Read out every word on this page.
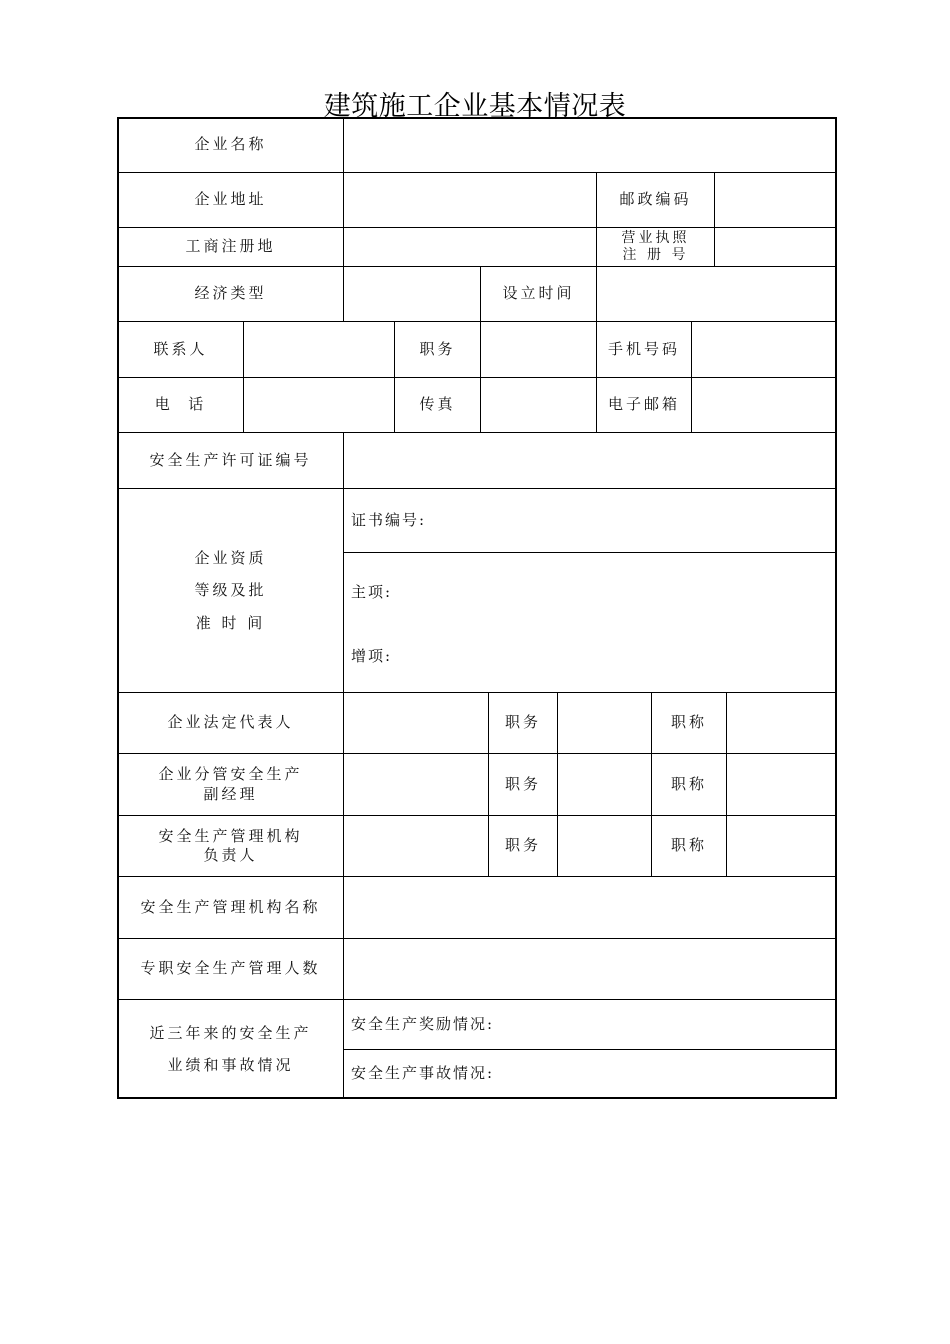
建筑施工企业基本情况表
企业名称
企业地址	邮政编码
工商注册地	营业执照
注 册 号
经济类型	设立时间
联系人	职务	手机号码
电  话	传真	电子邮箱
安全生产许可证编号
企业资质
等级及批
准 时 间
证书编号:
主项:
增项:
企业法定代表人	职务	职称
企业分管安全生产
副经理
职务	职称
安全生产管理机构
负责人
职务	职称
安全生产管理机构名称
专职安全生产管理人数
近三年来的安全生产
业绩和事故情况
安全生产奖励情况:
安全生产事故情况:
